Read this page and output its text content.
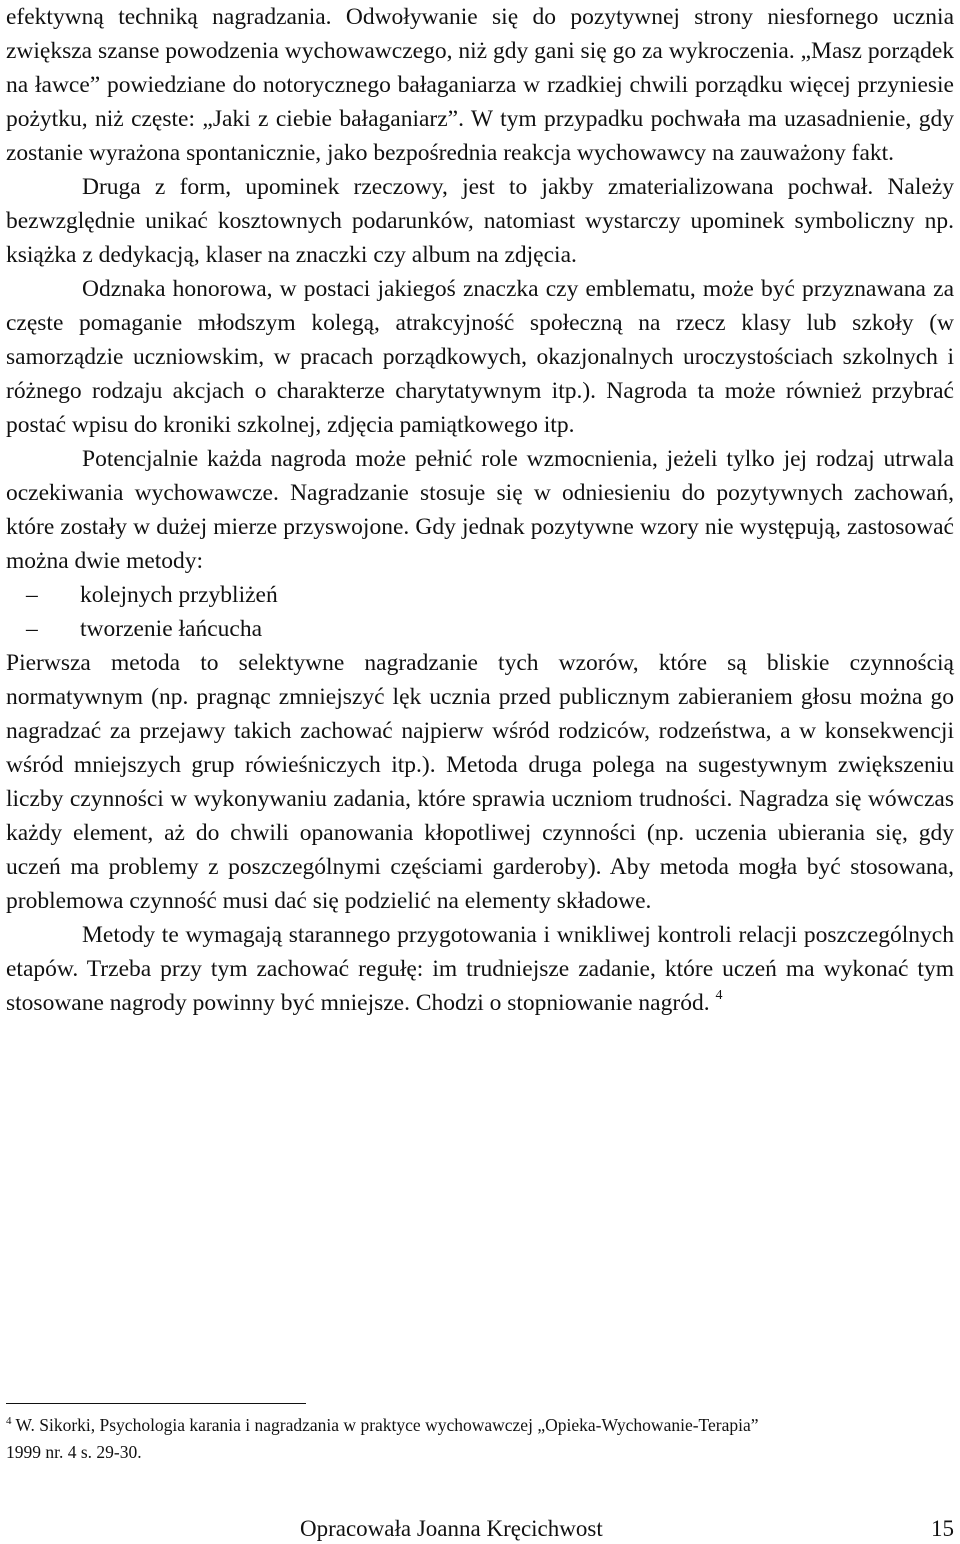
efektywną techniką nagradzania. Odwoływanie się do pozytywnej strony niesfornego ucznia zwiększa szanse powodzenia wychowawczego, niż gdy gani się go za wykroczenia. „Masz porządek na ławce” powiedziane do notorycznego bałaganiarza w rzadkiej chwili porządku więcej przyniesie pożytku, niż częste: „Jaki z ciebie bałaganiarz”. W tym przypadku pochwała ma uzasadnienie, gdy zostanie wyrażona spontanicznie, jako bezpośrednia reakcja wychowawcy na zauważony fakt.

Druga z form, upominek rzeczowy, jest to jakby zmaterializowana pochwał. Należy bezwzględnie unikać kosztownych podarunków, natomiast wystarczy upominek symboliczny np. książka z dedykacją, klaser na znaczki czy album na zdjęcia.

Odznaka honorowa, w postaci jakiegoś znaczka czy emblematu, może być przyznawana za częste pomaganie młodszym kolegą, atrakcyjność społeczną na rzecz klasy lub szkoły (w samorządzie uczniowskim, w pracach porządkowych, okazjonalnych uroczystościach szkolnych i różnego rodzaju akcjach o charakterze charytatywnym itp.). Nagroda ta może również przybrać postać wpisu do kroniki szkolnej, zdjęcia pamiątkowego itp.

Potencjalnie każda nagroda może pełnić role wzmocnienia, jeżeli tylko jej rodzaj utrwala oczekiwania wychowawcze. Nagradzanie stosuje się w odniesieniu do pozytywnych zachowań, które zostały w dużej mierze przyswojone. Gdy jednak pozytywne wzory nie występują, zastosować można dwie metody:

–	kolejnych przybliżeń
–	tworzenie łańcucha

Pierwsza metoda to selektywne nagradzanie tych wzorów, które są bliskie czynnością normatywnym (np. pragnąc zmniejszyć lęk ucznia przed publicznym zabieraniem głosu można go nagradzać za przejawy takich zachować najpierw wśród rodziców, rodzeństwa, a w konsekwencji wśród mniejszych grup rówieśniczych itp.). Metoda druga polega na sugestywnym zwiększeniu liczby czynności w wykonywaniu zadania, które sprawia uczniom trudności. Nagradza się wówczas każdy element, aż do chwili opanowania kłopotliwej czynności (np. uczenia ubierania się, gdy uczeń ma problemy z poszczególnymi częściami garderoby). Aby metoda mogła być stosowana, problemowa czynność musi dać się podzielić na elementy składowe.

Metody te wymagają starannego przygotowania i wnikliwej kontroli relacji poszczególnych etapów. Trzeba przy tym zachować regułę: im trudniejsze zadanie, które uczeń ma wykonać tym stosowane nagrody powinny być mniejsze. Chodzi o stopniowanie nagród. $^4$

$^4$ W. Sikorki, Psychologia karania i nagradzania w praktyce wychowawczej „Opieka-Wychowanie-Terapia”
1999 nr. 4 s. 29-30.
Opracowała Joanna Kręcichwost	15
